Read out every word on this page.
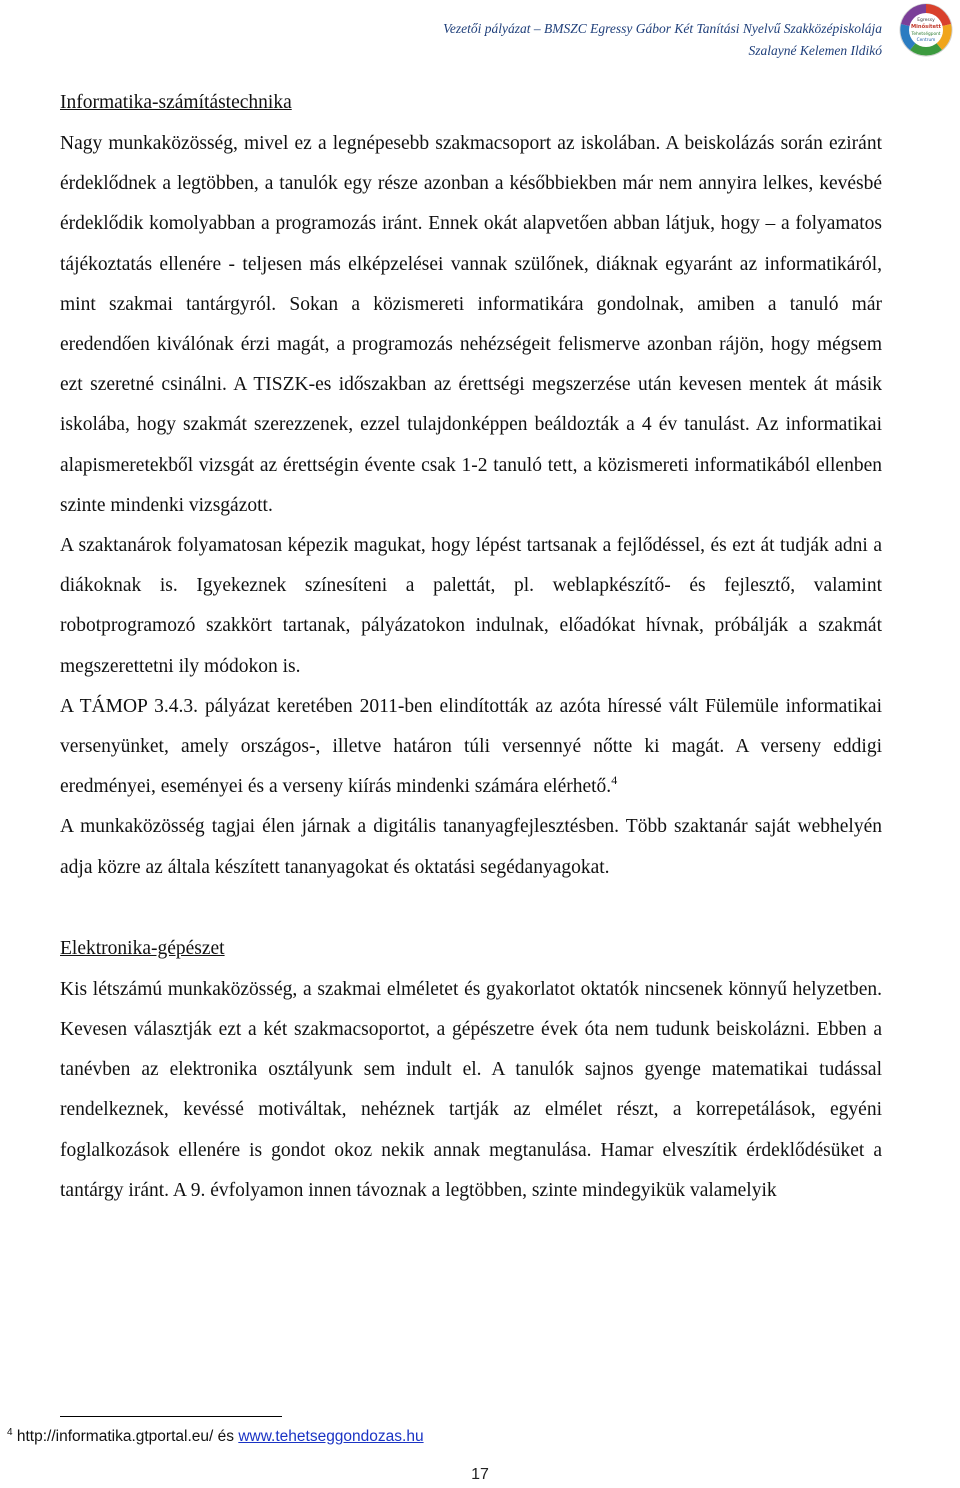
Vezetői pályázat – BMSZC Egressy Gábor Két Tanítási Nyelvű Szakközépiskolája
Szalayné Kelemen Ildikó
Egressy
Minősített
Tehetségpont
Centrum
Informatika-számítástechnika

Nagy munkaközösség, mivel ez a legnépesebb szakmacsoport az iskolában. A beiskolázás során eziránt érdeklődnek a legtöbben, a tanulók egy része azonban a későbbiekben már nem annyira lelkes, kevésbé érdeklődik komolyabban a programozás iránt. Ennek okát alapvetően abban látjuk, hogy – a folyamatos tájékoztatás ellenére - teljesen más elképzelései vannak szülőnek, diáknak egyaránt az informatikáról, mint szakmai tantárgyról. Sokan a közismereti informatikára gondolnak, amiben a tanuló már eredendően kiválónak érzi magát, a programozás nehézségeit felismerve azonban rájön, hogy mégsem ezt szeretné csinálni. A TISZK-es időszakban az érettségi megszerzése után kevesen mentek át másik iskolába, hogy szakmát szerezzenek, ezzel tulajdonképpen beáldozták a 4 év tanulást. Az informatikai alapismeretekből vizsgát az érettségin évente csak 1-2 tanuló tett, a közismereti informatikából ellenben szinte mindenki vizsgázott.

A szaktanárok folyamatosan képezik magukat, hogy lépést tartsanak a fejlődéssel, és ezt át tudják adni a diákoknak is. Igyekeznek színesíteni a palettát, pl. weblapkészítő- és fejlesztő, valamint robotprogramozó szakkört tartanak, pályázatokon indulnak, előadókat hívnak, próbálják a szakmát megszerettetni ily módokon is.

A TÁMOP 3.4.3. pályázat keretében 2011-ben elindították az azóta híressé vált Fülemüle informatikai versenyünket, amely országos-, illetve határon túli versennyé nőtte ki magát. A verseny eddigi eredményei, eseményei és a verseny kiírás mindenki számára elérhető.$^4$

A munkaközösség tagjai élen járnak a digitális tananyagfejlesztésben. Több szaktanár saját webhelyén adja közre az általa készített tananyagokat és oktatási segédanyagokat.

Elektronika-gépészet

Kis létszámú munkaközösség, a szakmai elméletet és gyakorlatot oktatók nincsenek könnyű helyzetben. Kevesen választják ezt a két szakmacsoportot, a gépészetre évek óta nem tudunk beiskolázni. Ebben a tanévben az elektronika osztályunk sem indult el. A tanulók sajnos gyenge matematikai tudással rendelkeznek, kevéssé motiváltak, nehéznek tartják az elmélet részt, a korrepetálások, egyéni foglalkozások ellenére is gondot okoz nekik annak megtanulása. Hamar elveszítik érdeklődésüket a tantárgy iránt. A 9. évfolyamon innen távoznak a legtöbben, szinte mindegyikük valamelyik

$^4$ http://informatika.gtportal.eu/ és www.tehetseggondozas.hu
17
